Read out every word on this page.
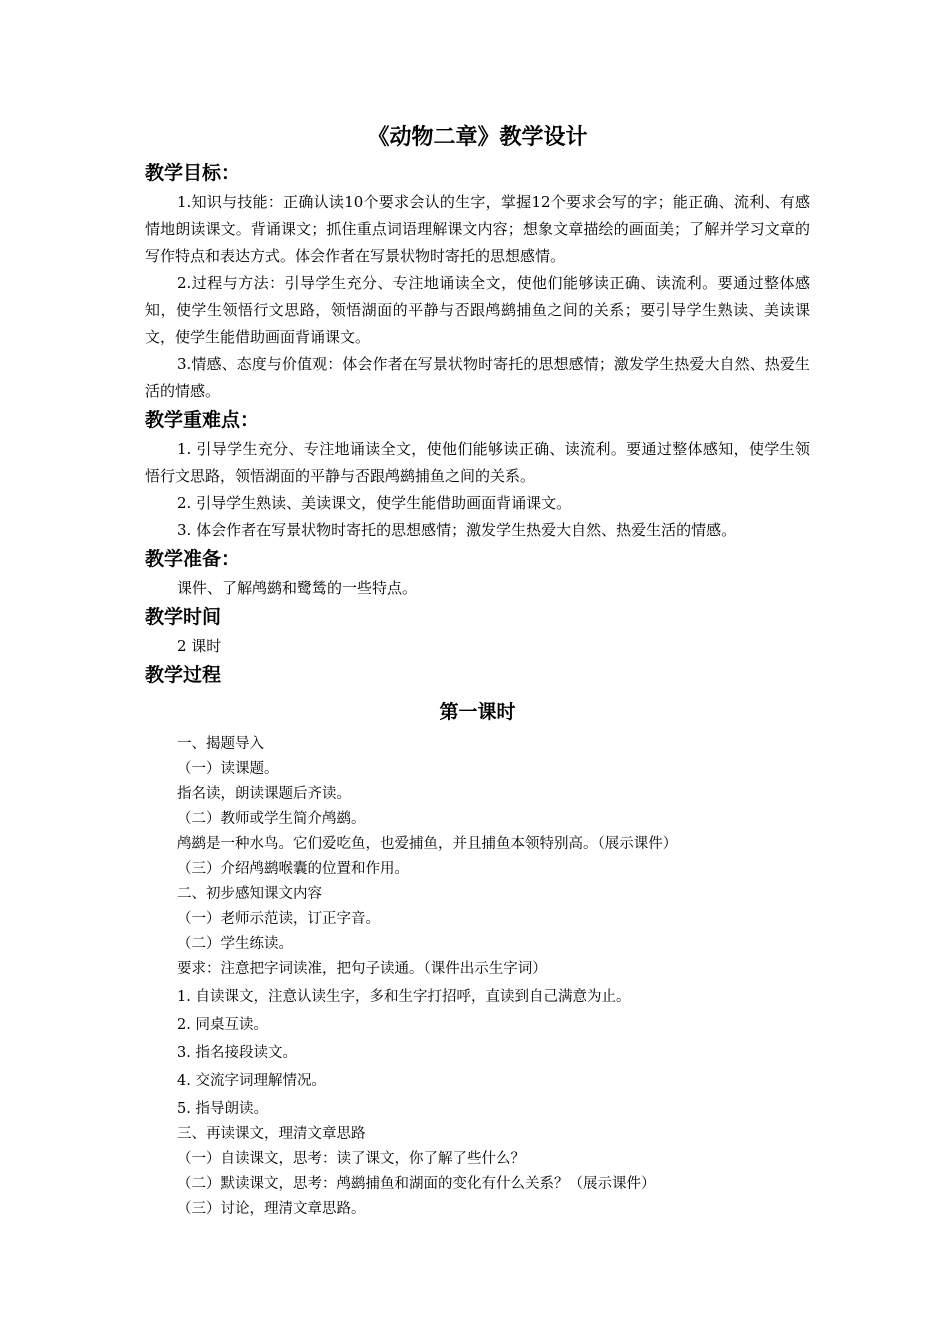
《动物二章》教学设计
教学目标：

1.知识与技能：正确认读10个要求会认的生字，掌握12个要求会写的字；能正确、流利、有感情地朗读课文。背诵课文；抓住重点词语理解课文内容；想象文章描绘的画面美；了解并学习文章的写作特点和表达方式。体会作者在写景状物时寄托的思想感情。

2.过程与方法：引导学生充分、专注地诵读全文，使他们能够读正确、读流利。要通过整体感知，使学生领悟行文思路，领悟湖面的平静与否跟鸬鹚捕鱼之间的关系；要引导学生熟读、美读课文，使学生能借助画面背诵课文。

3.情感、态度与价值观：体会作者在写景状物时寄托的思想感情；激发学生热爱大自然、热爱生活的情感。

教学重难点：

1. 引导学生充分、专注地诵读全文，使他们能够读正确、读流利。要通过整体感知，使学生领悟行文思路，领悟湖面的平静与否跟鸬鹚捕鱼之间的关系。

2. 引导学生熟读、美读课文，使学生能借助画面背诵课文。

3. 体会作者在写景状物时寄托的思想感情；激发学生热爱大自然、热爱生活的情感。

教学准备：

课件、了解鸬鹚和鹭鸶的一些特点。

教学时间

2 课时

教学过程
第一课时

一、揭题导入

（一）读课题。

指名读，朗读课题后齐读。

（二）教师或学生简介鸬鹚。

鸬鹚是一种水鸟。它们爱吃鱼，也爱捕鱼，并且捕鱼本领特别高。（展示课件）

（三）介绍鸬鹚喉囊的位置和作用。

二、初步感知课文内容

（一）老师示范读，订正字音。

（二）学生练读。

要求：注意把字词读准，把句子读通。（课件出示生字词）

1. 自读课文，注意认读生字，多和生字打招呼，直读到自己满意为止。

2. 同桌互读。

3. 指名接段读文。

4. 交流字词理解情况。

5. 指导朗读。

三、再读课文，理清文章思路

（一）自读课文，思考：读了课文，你了解了些什么？

（二）默读课文，思考：鸬鹚捕鱼和湖面的变化有什么关系？（展示课件）

（三）讨论，理清文章思路。
